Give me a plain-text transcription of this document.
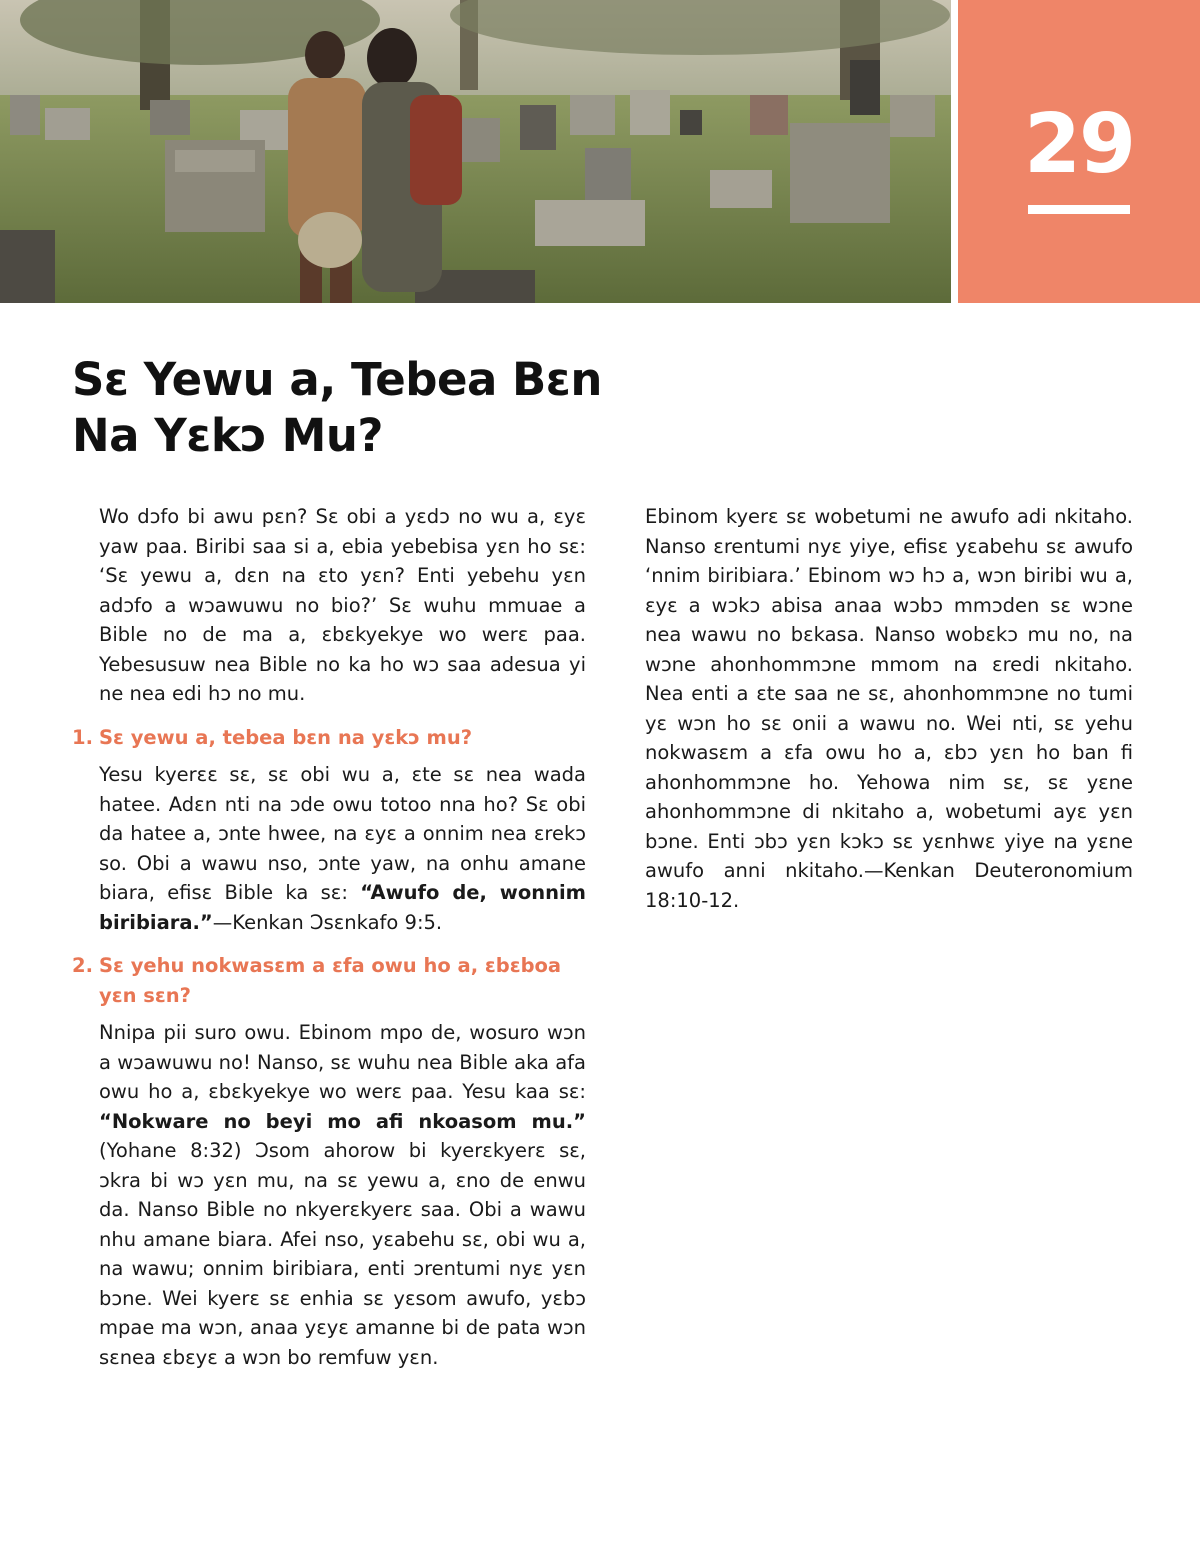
29
Sɛ Yewu a, Tebea Bɛn
Na Yɛkɔ Mu?

Wo dɔfo bi awu pɛn? Sɛ obi a yɛdɔ no wu a, ɛyɛ yaw paa. Biribi saa si a, ebia yebebisa yɛn ho sɛ: ‘Sɛ yewu a, dɛn na ɛto yɛn? Enti yebehu yɛn adɔfo a wɔawuwu no bio?’ Sɛ wuhu mmuae a Bible no de ma a, ɛbɛkyekye wo werɛ paa. Yebesusuw nea Bible no ka ho wɔ saa adesua yi ne nea edi hɔ no mu.

1. Sɛ yewu a, tebea bɛn na yɛkɔ mu?

Yesu kyerɛɛ sɛ, sɛ obi wu a, ɛte sɛ nea wada hatee. Adɛn nti na ɔde owu totoo nna ho? Sɛ obi da hatee a, ɔnte hwee, na ɛyɛ a onnim nea ɛrekɔ so. Obi a wawu nso, ɔnte yaw, na onhu amane biara, efisɛ Bible ka sɛ: “Awufo de, wonnim biribiara.”—Kenkan Ɔsɛnkafo 9:5.

2. Sɛ yehu nokwasɛm a ɛfa owu ho a, ɛbɛboa yɛn sɛn?

Nnipa pii suro owu. Ebinom mpo de, wosuro wɔn a wɔawuwu no! Nanso, sɛ wuhu nea Bible aka afa owu ho a, ɛbɛkyekye wo werɛ paa. Yesu kaa sɛ: “Nokware no beyi mo afi nkoasom mu.” (Yohane 8:32) Ɔsom ahorow bi kyerɛkyerɛ sɛ, ɔkra bi wɔ yɛn mu, na sɛ yewu a, ɛno de enwu da. Nanso Bible no nkyerɛkyerɛ saa. Obi a wawu nhu amane biara. Afei nso, yɛabehu sɛ, obi wu a, na wawu; onnim biribiara, enti ɔrentumi nyɛ yɛn bɔne. Wei kyerɛ sɛ enhia sɛ yɛsom awufo, yɛbɔ mpae ma wɔn, anaa yɛyɛ amanne bi de pata wɔn sɛnea ɛbɛyɛ a wɔn bo remfuw yɛn.

Ebinom kyerɛ sɛ wobetumi ne awufo adi nkitaho. Nanso ɛrentumi nyɛ yiye, efisɛ yɛabehu sɛ awufo ‘nnim biribiara.’ Ebinom wɔ hɔ a, wɔn biribi wu a, ɛyɛ a wɔkɔ abisa anaa wɔbɔ mmɔden sɛ wɔne nea wawu no bɛkasa. Nanso wobɛkɔ mu no, na wɔne ahonhommɔne mmom na ɛredi nkitaho. Nea enti a ɛte saa ne sɛ, ahonhommɔne no tumi yɛ wɔn ho sɛ onii a wawu no. Wei nti, sɛ yehu nokwasɛm a ɛfa owu ho a, ɛbɔ yɛn ho ban fi ahonhommɔne ho. Yehowa nim sɛ, sɛ yɛne ahonhommɔne di nkitaho a, wobetumi ayɛ yɛn bɔne. Enti ɔbɔ yɛn kɔkɔ sɛ yɛnhwɛ yiye na yɛne awufo anni nkitaho.—Kenkan Deuteronomium 18:10-12.
